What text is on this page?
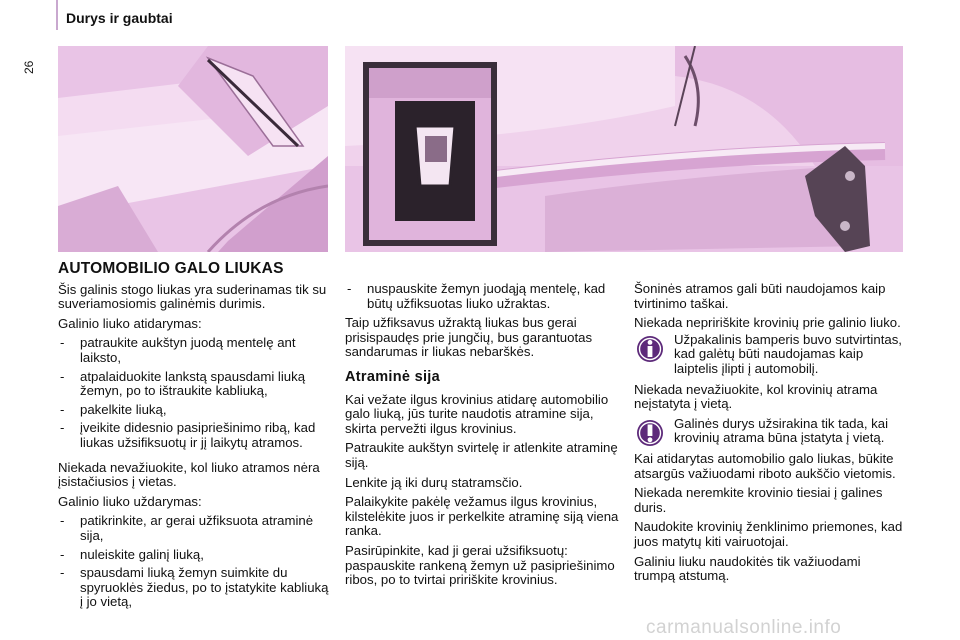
Durys ir gaubtai
26
AUTOMOBILIO GALO LIUKAS

Šis galinis stogo liukas yra suderinamas tik su suveriamosiomis galinėmis durimis.

Galinio liuko atidarymas:

- patraukite aukštyn juodą mentelę ant laiksto,
- atpalaiduokite lankstą spausdami liuką žemyn, po to ištraukite kabliuką,
- pakelkite liuką,
- įveikite didesnio pasipriešinimo ribą, kad liukas užsifiksuotų ir jį laikytų atramos.

Niekada nevažiuokite, kol liuko atramos nėra įsistačiusios į vietas.

Galinio liuko uždarymas:

- patikrinkite, ar gerai užfiksuota atraminė sija,
- nuleiskite galinį liuką,
- spausdami liuką žemyn suimkite du spyruoklės žiedus, po to įstatykite kabliuką į jo vietą,
- nuspauskite žemyn juodąją mentelę, kad būtų užfiksuotas liuko užraktas.

Taip užfiksavus užraktą liukas bus gerai prisispaudęs prie jungčių, bus garantuotas sandarumas ir liukas nebarškės.

Atraminė sija

Kai vežate ilgus krovinius atidarę automobilio galo liuką, jūs turite naudotis atramine sija, skirta pervežti ilgus krovinius.

Patraukite aukštyn svirtelę ir atlenkite atraminę siją.

Lenkite ją iki durų statramsčio.

Palaikykite pakėlę vežamus ilgus krovinius, kilstelėkite juos ir perkelkite atraminę siją viena ranka.

Pasirūpinkite, kad ji gerai užsifiksuotų: paspauskite rankeną žemyn už pasipriešinimo ribos, po to tvirtai pririškite krovinius.

Šoninės atramos gali būti naudojamos kaip tvirtinimo taškai.

Niekada nepririškite krovinių prie galinio liuko.

Užpakalinis bamperis buvo sutvirtintas, kad galėtų būti naudojamas kaip laiptelis įlipti į automobilį.

Niekada nevažiuokite, kol krovinių atrama neįstatyta į vietą.

Galinės durys užsirakina tik tada, kai krovinių atrama būna įstatyta į vietą.

Kai atidarytas automobilio galo liukas, būkite atsargūs važiuodami riboto aukščio vietomis.

Niekada neremkite krovinio tiesiai į galines duris.

Naudokite krovinių ženklinimo priemones, kad juos matytų kiti vairuotojai.

Galiniu liuku naudokitės tik važiuodami trumpą atstumą.

carmanualsonline.info
